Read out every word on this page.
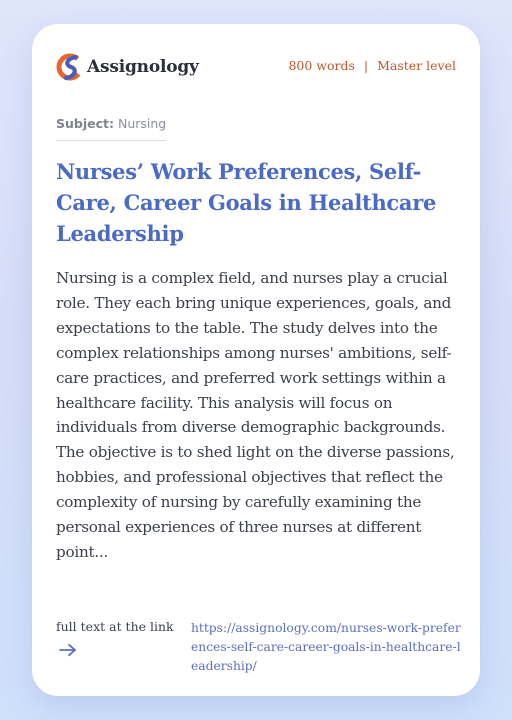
Assignology	800 words | Master level
Subject: Nursing
Nurses’ Work Preferences, Self-Care, Career Goals in Healthcare Leadership

Nursing is a complex field, and nurses play a crucial role. They each bring unique experiences, goals, and expectations to the table. The study delves into the complex relationships among nurses' ambitions, self-care practices, and preferred work settings within a healthcare facility. This analysis will focus on individuals from diverse demographic backgrounds. The objective is to shed light on the diverse passions, hobbies, and professional objectives that reflect the complexity of nursing by carefully examining the personal experiences of three nurses at different point...

full text at the link https://assignology.com/nurses-work-preferences-self-care-career-goals-in-healthcare-leadership/
